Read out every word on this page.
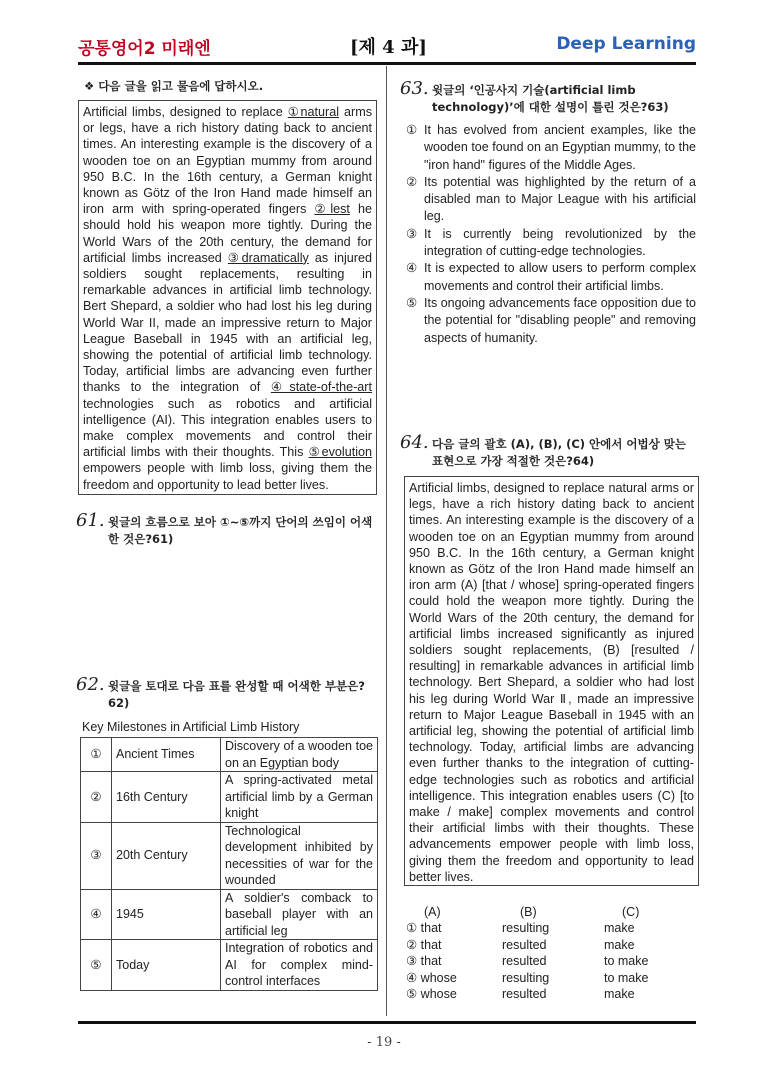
공통영어2 미래엔	[제 4 과]	Deep Learning
❖ 다음 글을 읽고 물음에 답하시오.
Artificial limbs, designed to replace ①natural arms or legs, have a rich history dating back to ancient times. An interesting example is the discovery of a wooden toe on an Egyptian mummy from around 950 B.C. In the 16th century, a German knight known as Götz of the Iron Hand made himself an iron arm with spring-operated fingers ②lest he should hold his weapon more tightly. During the World Wars of the 20th century, the demand for artificial limbs increased ③dramatically as injured soldiers sought replacements, resulting in remarkable advances in artificial limb technology. Bert Shepard, a soldier who had lost his leg during World War II, made an impressive return to Major League Baseball in 1945 with an artificial leg, showing the potential of artificial limb technology. Today, artificial limbs are advancing even further thanks to the integration of ④state-of-the-art technologies such as robotics and artificial intelligence (AI). This integration enables users to make complex movements and control their artificial limbs with their thoughts. This ⑤evolution empowers people with limb loss, giving them the freedom and opportunity to lead better lives.
61. 윗글의 흐름으로 보아 ①~⑤까지 단어의 쓰임이 어색한 것은?61)
62. 윗글을 토대로 다음 표를 완성할 때 어색한 부분은?62)
Key Milestones in Artificial Limb History
①	Ancient Times	Discovery of a wooden toe on an Egyptian body
②	16th Century	A spring-activated metal artificial limb by a German knight
③	20th Century	Technological development inhibited by necessities of war for the wounded
④	1945	A soldier's comback to baseball player with an artificial leg
⑤	Today	Integration of robotics and AI for complex mind-control interfaces
63. 윗글의 ‘인공사지 기술(artificial limb technology)’에 대한 설명이 틀린 것은?63)
① It has evolved from ancient examples, like the wooden toe found on an Egyptian mummy, to the "iron hand" figures of the Middle Ages.
② Its potential was highlighted by the return of a disabled man to Major League with his artificial leg.
③ It is currently being revolutionized by the integration of cutting-edge technologies.
④ It is expected to allow users to perform complex movements and control their artificial limbs.
⑤ Its ongoing advancements face opposition due to the potential for "disabling people" and removing aspects of humanity.
64. 다음 글의 괄호 (A), (B), (C) 안에서 어법상 맞는 표현으로 가장 적절한 것은?64)
Artificial limbs, designed to replace natural arms or legs, have a rich history dating back to ancient times. An interesting example is the discovery of a wooden toe on an Egyptian mummy from around 950 B.C. In the 16th century, a German knight known as Götz of the Iron Hand made himself an iron arm (A) [that / whose] spring-operated fingers could hold the weapon more tightly. During the World Wars of the 20th century, the demand for artificial limbs increased significantly as injured soldiers sought replacements, (B) [resulted / resulting] in remarkable advances in artificial limb technology. Bert Shepard, a soldier who had lost his leg during World War Ⅱ, made an impressive return to Major League Baseball in 1945 with an artificial leg, showing the potential of artificial limb technology. Today, artificial limbs are advancing even further thanks to the integration of cutting-edge technologies such as robotics and artificial intelligence. This integration enables users (C) [to make / make] complex movements and control their artificial limbs with their thoughts. These advancements empower people with limb loss, giving them the freedom and opportunity to lead better lives.
(A)	(B)	(C)
① that	resulting	make
② that	resulted	make
③ that	resulted	to make
④ whose	resulting	to make
⑤ whose	resulted	make
- 19 -
